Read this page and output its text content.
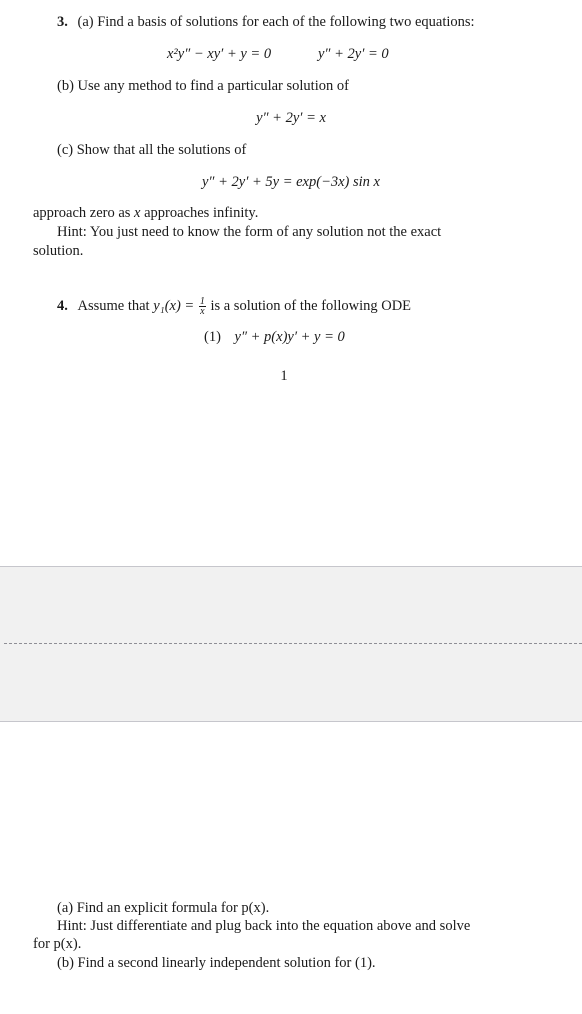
3. (a) Find a basis of solutions for each of the following two equations:
x²y″ − xy′ + y = 0	y″ + 2y′ = 0
(b) Use any method to find a particular solution of
y″ + 2y′ = x
(c) Show that all the solutions of
y″ + 2y′ + 5y = exp(−3x) sin x
approach zero as x approaches infinity.
Hint: You just need to know the form of any solution not the exact
solution.
4. Assume that $y_1(x) = \frac{1}{x}$ is a solution of the following ODE
(1) y″ + p(x)y′ + y = 0
1
(a) Find an explicit formula for p(x).
Hint: Just differentiate and plug back into the equation above and solve
for p(x).
(b) Find a second linearly independent solution for (1).
